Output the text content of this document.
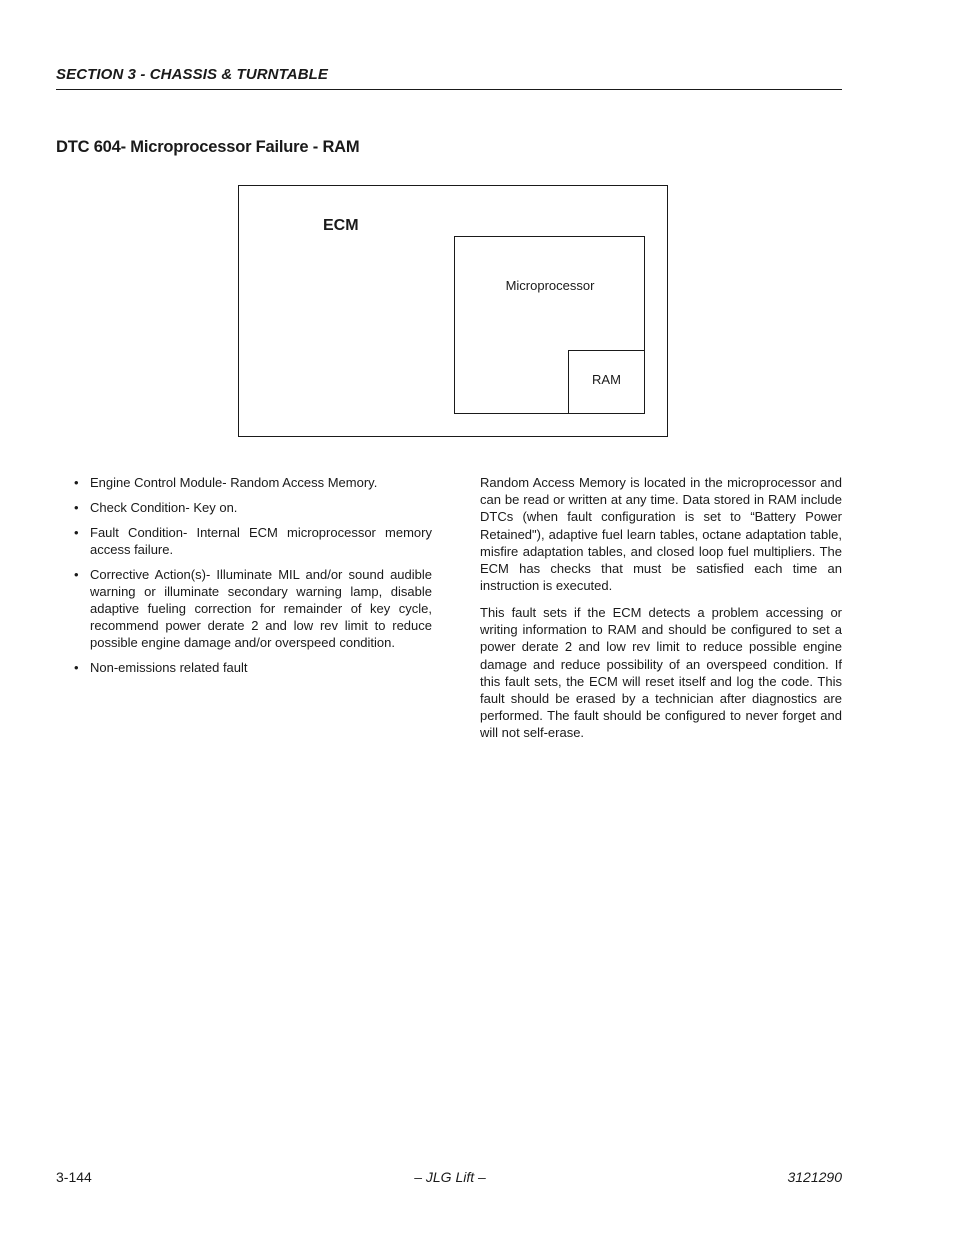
SECTION 3 - CHASSIS & TURNTABLE
DTC 604- Microprocessor Failure - RAM
ECM
Microprocessor
RAM
• Engine Control Module- Random Access Memory.
• Check Condition- Key on.
• Fault Condition- Internal ECM microprocessor memory access failure.
• Corrective Action(s)- Illuminate MIL and/or sound audible warning or illuminate secondary warning lamp, disable adaptive fueling correction for remainder of key cycle, recommend power derate 2 and low rev limit to reduce possible engine damage and/or overspeed condition.
• Non-emissions related fault

Random Access Memory is located in the microprocessor and can be read or written at any time. Data stored in RAM include DTCs (when fault configuration is set to “Battery Power Retained"), adaptive fuel learn tables, octane adaptation table, misfire adaptation tables, and closed loop fuel multipliers. The ECM has checks that must be satisfied each time an instruction is executed.

This fault sets if the ECM detects a problem accessing or writing information to RAM and should be configured to set a power derate 2 and low rev limit to reduce possible engine damage and reduce possibility of an overspeed condition. If this fault sets, the ECM will reset itself and log the code. This fault should be erased by a technician after diagnostics are performed. The fault should be configured to never forget and will not self-erase.

3-144	– JLG Lift –	3121290
